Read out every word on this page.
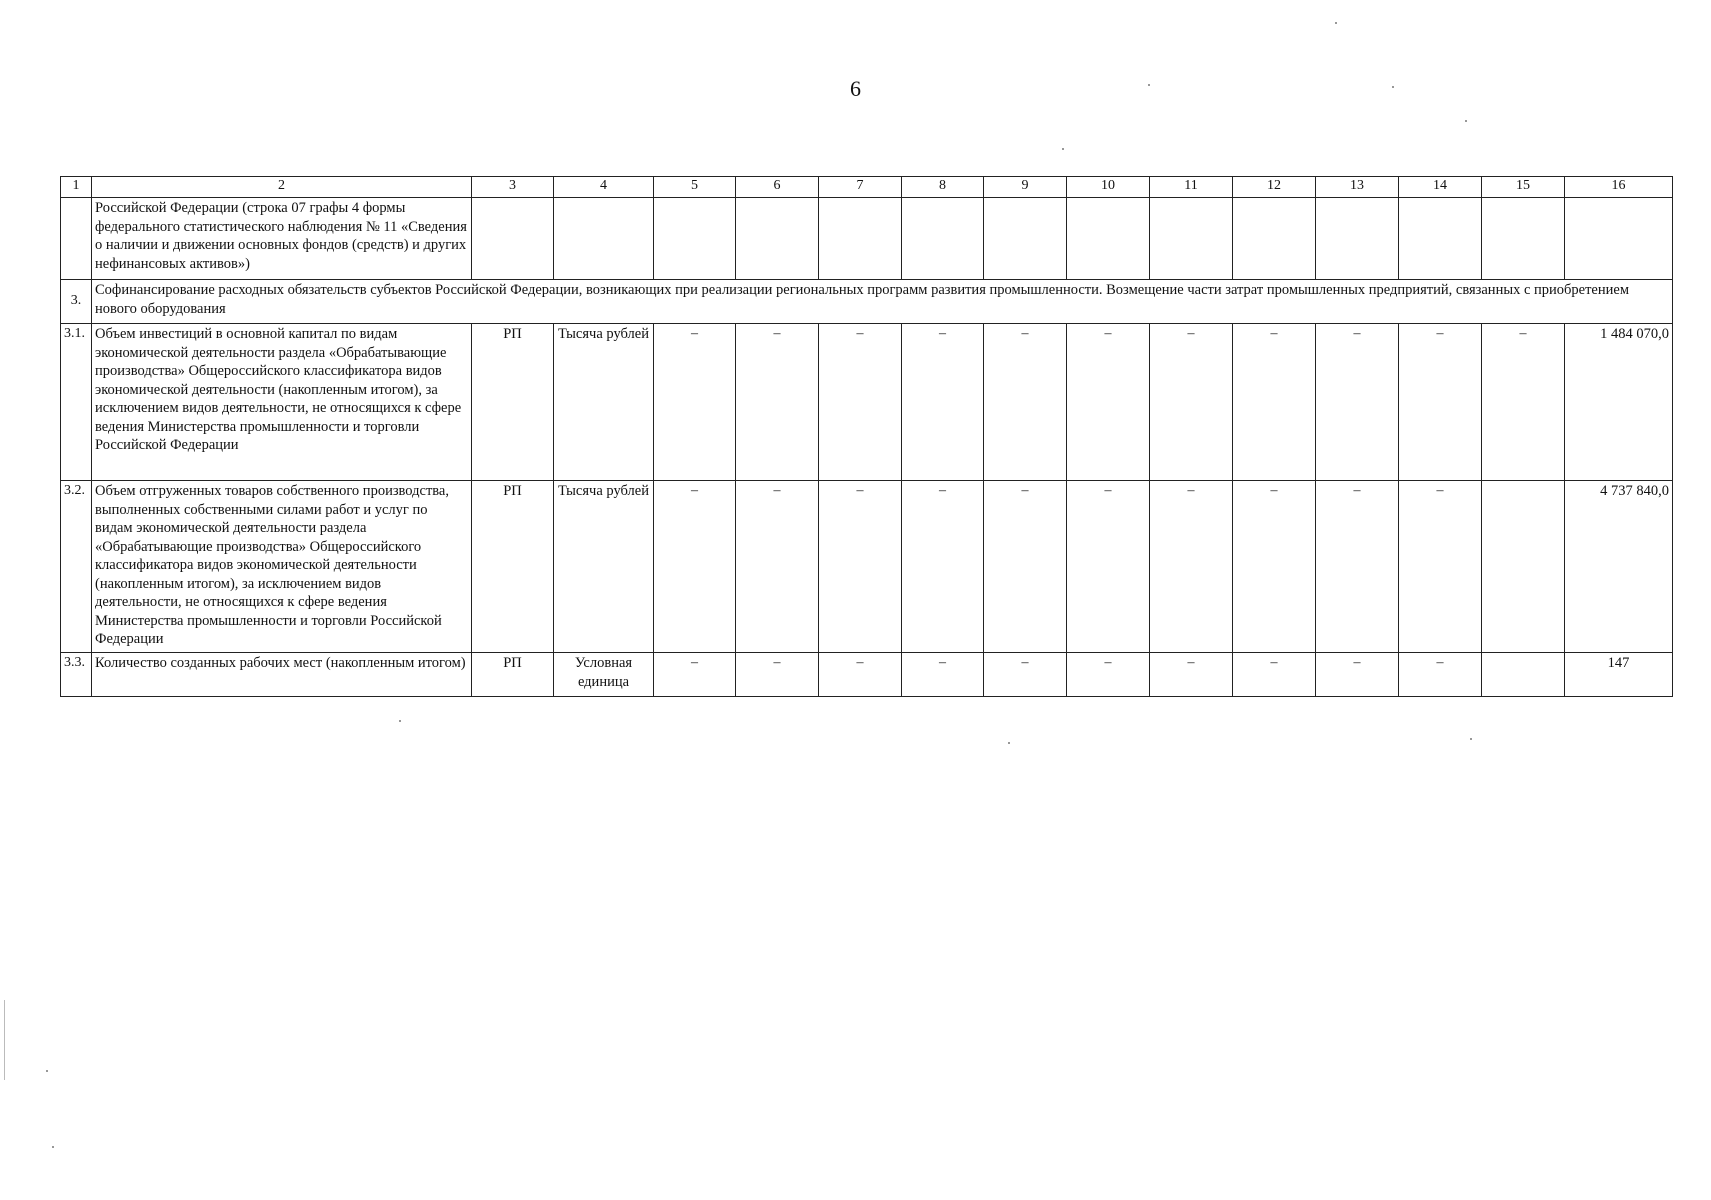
6
1	2	3	4	5	6	7	8	9	10	11	12	13	14	15	16
	Российской Федерации (строка 07 графы 4 формы федерального статистического наблюдения № 11 «Сведения о наличии и движении основных фондов (средств) и других нефинансовых активов»)														
3.	Софинансирование расходных обязательств субъектов Российской Федерации, возникающих при реализации региональных программ развития промышленности. Возмещение части затрат промышленных предприятий, связанных с приобретением нового оборудования														
3.1.	Объем инвестиций в основной капитал по видам экономической деятельности раздела «Обрабатывающие производства» Общероссийского классификатора видов экономической деятельности (накопленным итогом), за исключением видов деятельности, не относящихся к сфере ведения Министерства промышленности и торговли Российской Федерации	РП	Тысяча рублей	–	–	–	–	–	–	–	–	–	–	–	1 484 070,0
3.2.	Объем отгруженных товаров собственного производства, выполненных собственными силами работ и услуг по видам экономической деятельности раздела «Обрабатывающие производства» Общероссийского классификатора видов экономической деятельности (накопленным итогом), за исключением видов деятельности, не относящихся к сфере ведения Министерства промышленности и торговли Российской Федерации	РП	Тысяча рублей	–	–	–	–	–	–	–	–	–	–		4 737 840,0
3.3.	Количество созданных рабочих мест (накопленным итогом)	РП	Условная единица	–	–	–	–	–	–	–	–	–	–		147
